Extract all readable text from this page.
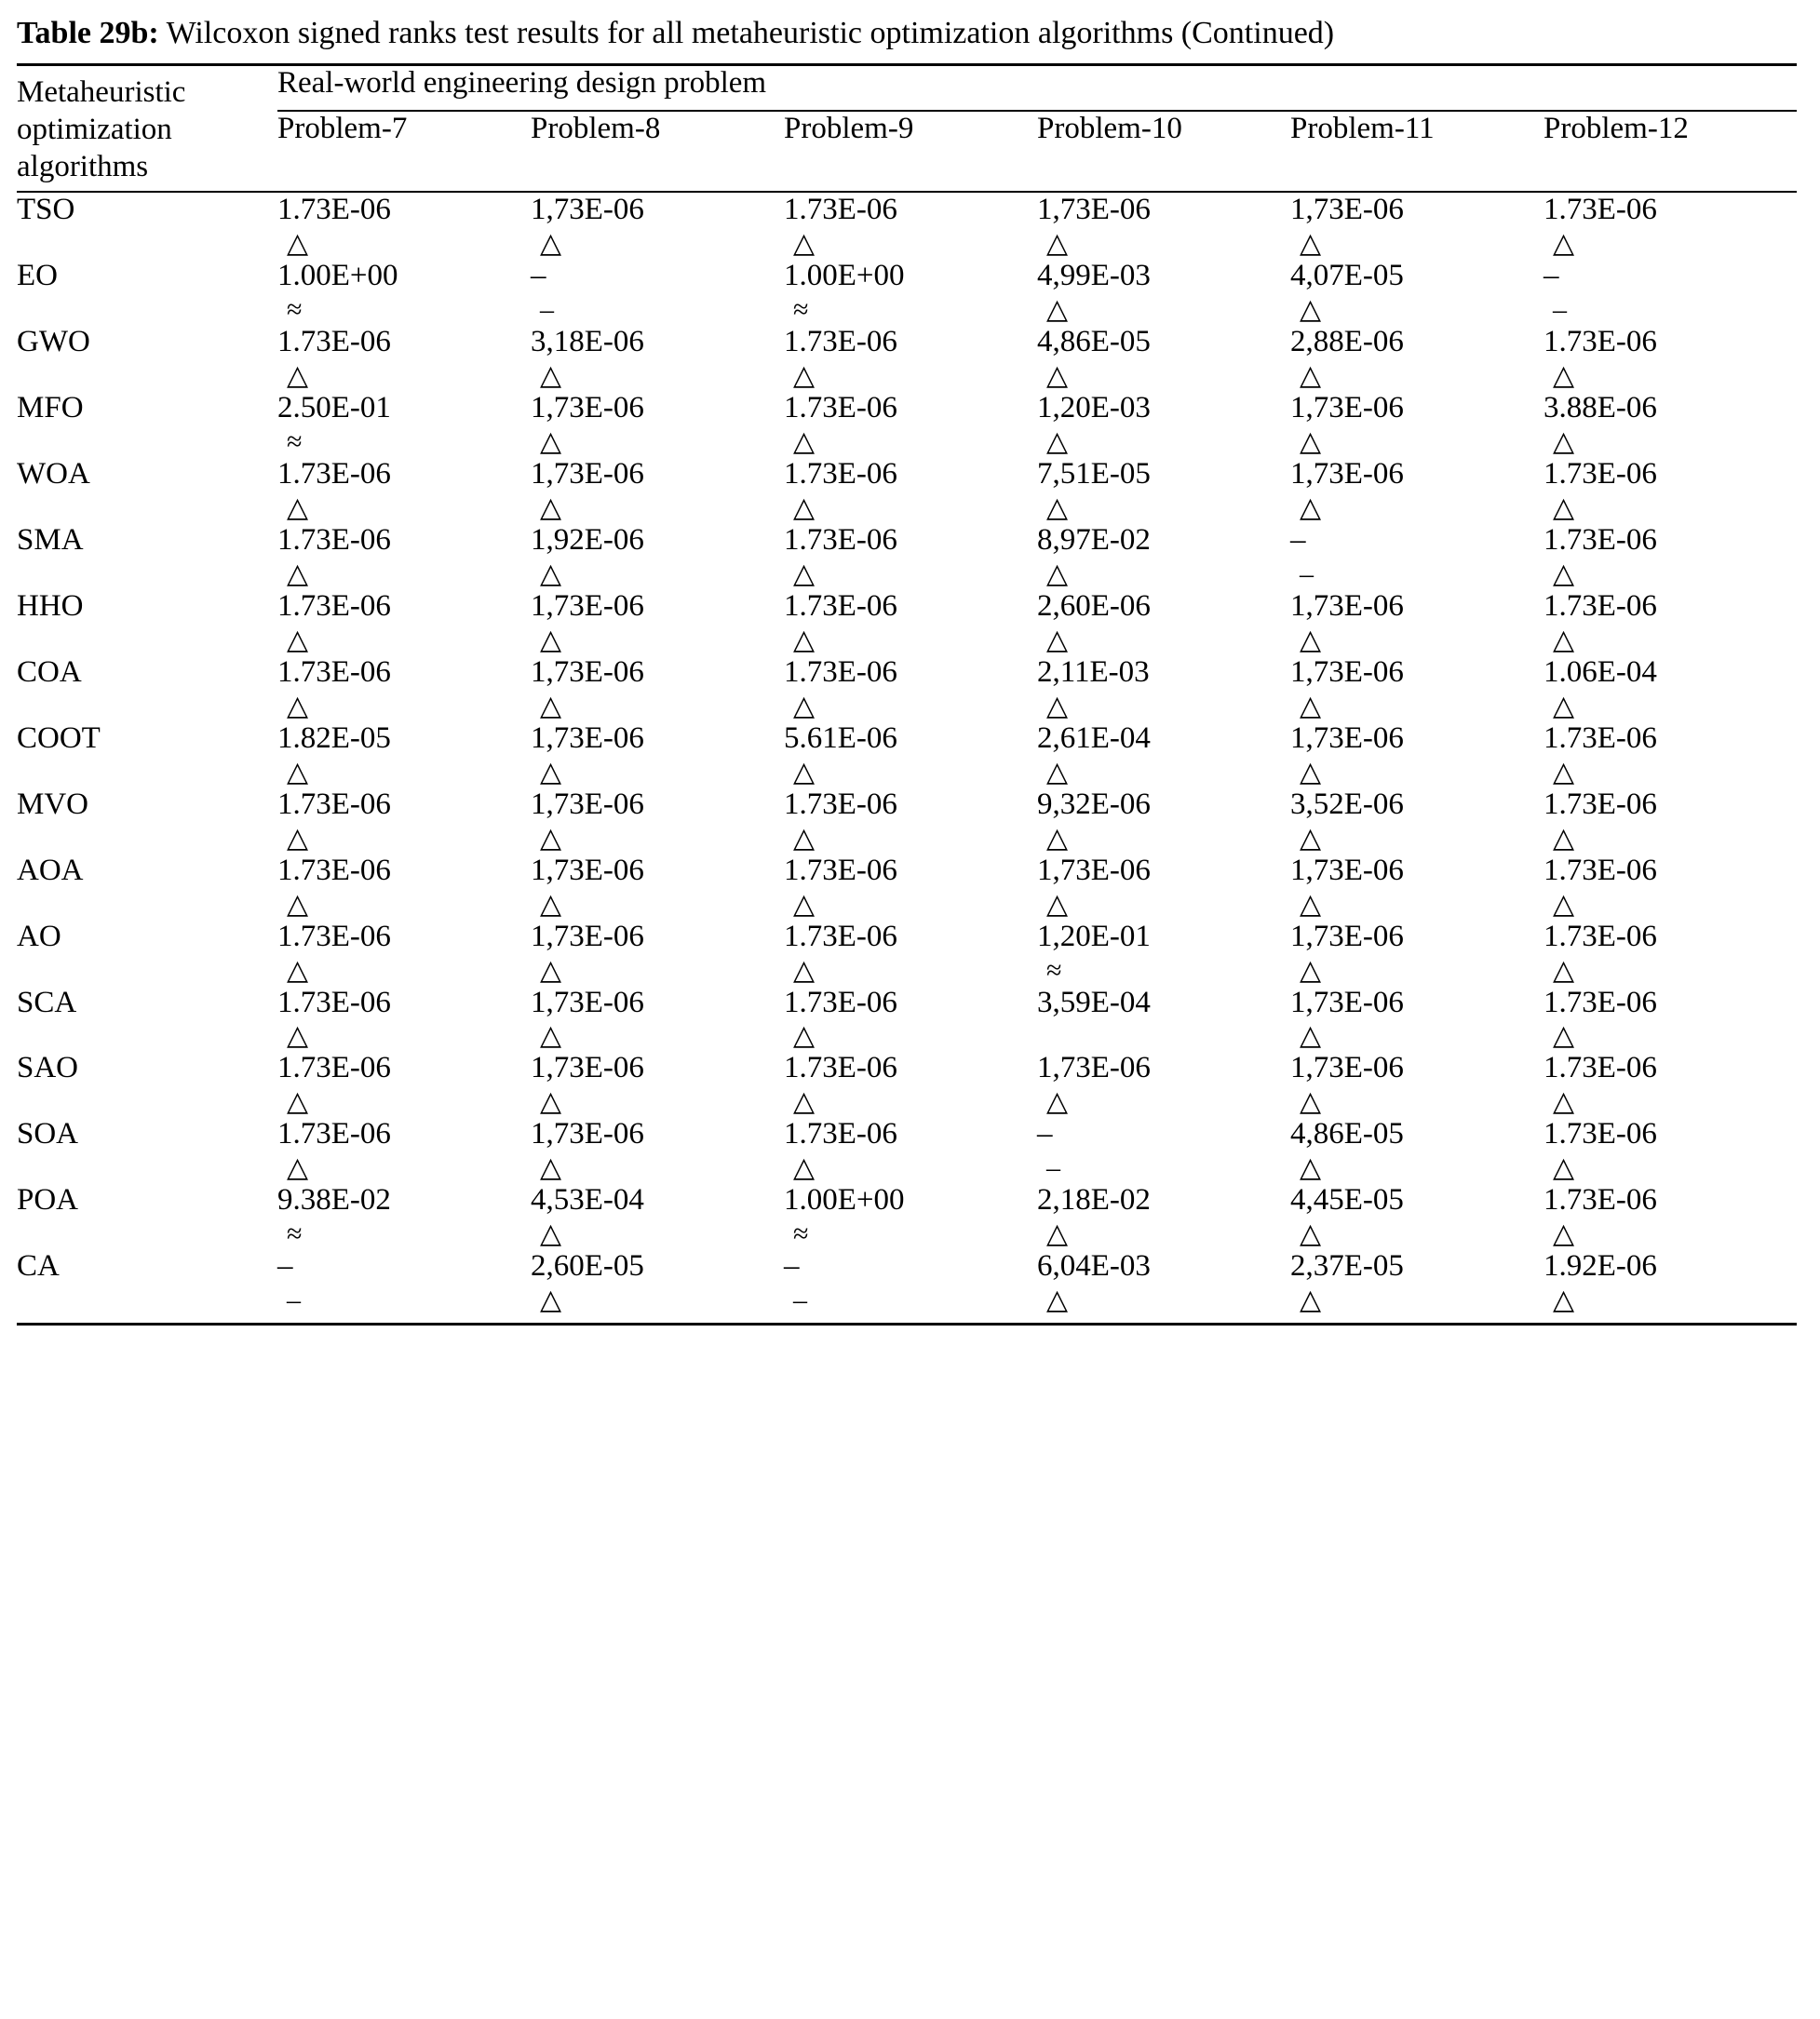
Table 29b: Wilcoxon signed ranks test results for all metaheuristic optimization algorithms (Continued)

Metaheuristic	Real-world engineering design problem					
optimization	Problem-7	Problem-8	Problem-9	Problem-10	Problem-11	Problem-12
algorithms						

TSO	1.73E-06	1,73E-06	1.73E-06	1,73E-06	1,73E-06	1.73E-06
	△	△	△	△	△	△
EO	1.00E+00	–	1.00E+00	4,99E-03	4,07E-05	–
	≈	–	≈	△	△	–
GWO	1.73E-06	3,18E-06	1.73E-06	4,86E-05	2,88E-06	1.73E-06
	△	△	△	△	△	△
MFO	2.50E-01	1,73E-06	1.73E-06	1,20E-03	1,73E-06	3.88E-06
	≈	△	△	△	△	△
WOA	1.73E-06	1,73E-06	1.73E-06	7,51E-05	1,73E-06	1.73E-06
	△	△	△	△	△	△
SMA	1.73E-06	1,92E-06	1.73E-06	8,97E-02	–	1.73E-06
	△	△	△	△	–	△
HHO	1.73E-06	1,73E-06	1.73E-06	2,60E-06	1,73E-06	1.73E-06
	△	△	△	△	△	△
COA	1.73E-06	1,73E-06	1.73E-06	2,11E-03	1,73E-06	1.06E-04
	△	△	△	△	△	△
COOT	1.82E-05	1,73E-06	5.61E-06	2,61E-04	1,73E-06	1.73E-06
	△	△	△	△	△	△
MVO	1.73E-06	1,73E-06	1.73E-06	9,32E-06	3,52E-06	1.73E-06
	△	△	△	△	△	△
AOA	1.73E-06	1,73E-06	1.73E-06	1,73E-06	1,73E-06	1.73E-06
	△	△	△	△	△	△
AO	1.73E-06	1,73E-06	1.73E-06	1,20E-01	1,73E-06	1.73E-06
	△	△	△	≈	△	△
SCA	1.73E-06	1,73E-06	1.73E-06	3,59E-04	1,73E-06	1.73E-06
	△	△	△		△	△
SAO	1.73E-06	1,73E-06	1.73E-06	1,73E-06	1,73E-06	1.73E-06
	△	△	△	△	△	△
SOA	1.73E-06	1,73E-06	1.73E-06	–	4,86E-05	1.73E-06
	△	△	△	–	△	△
POA	9.38E-02	4,53E-04	1.00E+00	2,18E-02	4,45E-05	1.73E-06
	≈	△	≈	△	△	△
CA	–	2,60E-05	–	6,04E-03	2,37E-05	1.92E-06
	–	△	–	△	△	△
